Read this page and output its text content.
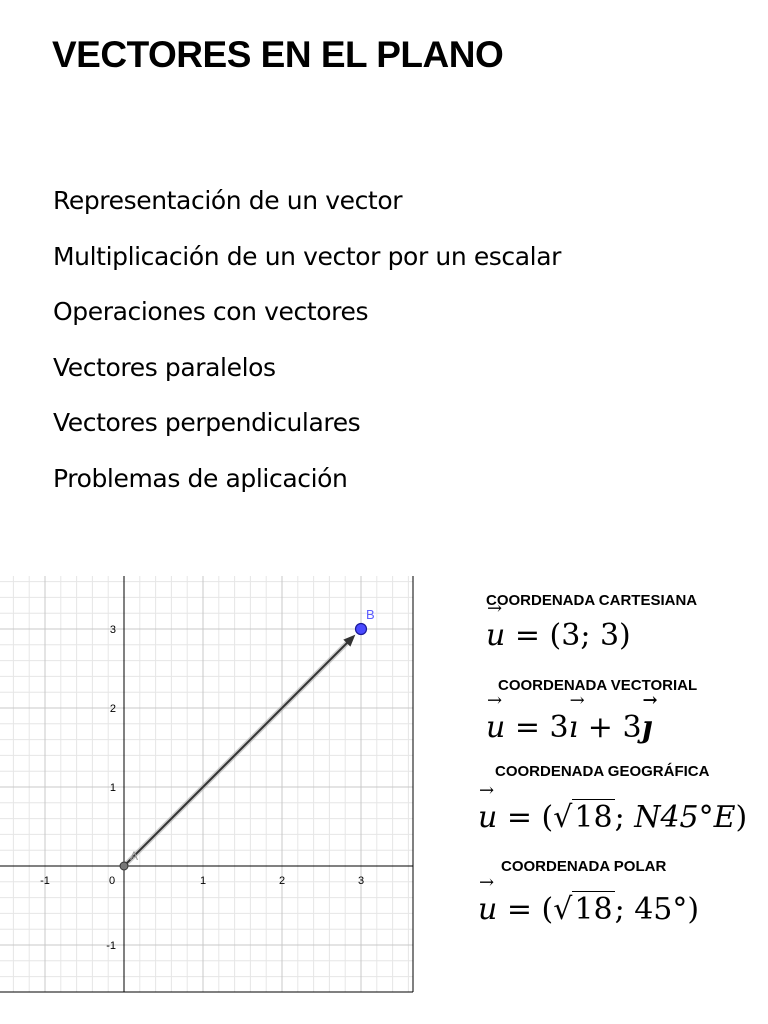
VECTORES EN EL PLANO
Representación de un vector
Multiplicación de un vector por un escalar
Operaciones con vectores
Vectores paralelos
Vectores perpendiculares
Problemas de aplicación
-1	0	1	2	3
3
2
1
-1
A
B
COORDENADA CARTESIANA
→ u = (3; 3)
COORDENADA VECTORIAL
→ u = 3→ ı + 3→ ȷ
COORDENADA GEOGRÁFICA
→ u = (√18; N45°E)
COORDENADA POLAR
→ u = (√18; 45°)
